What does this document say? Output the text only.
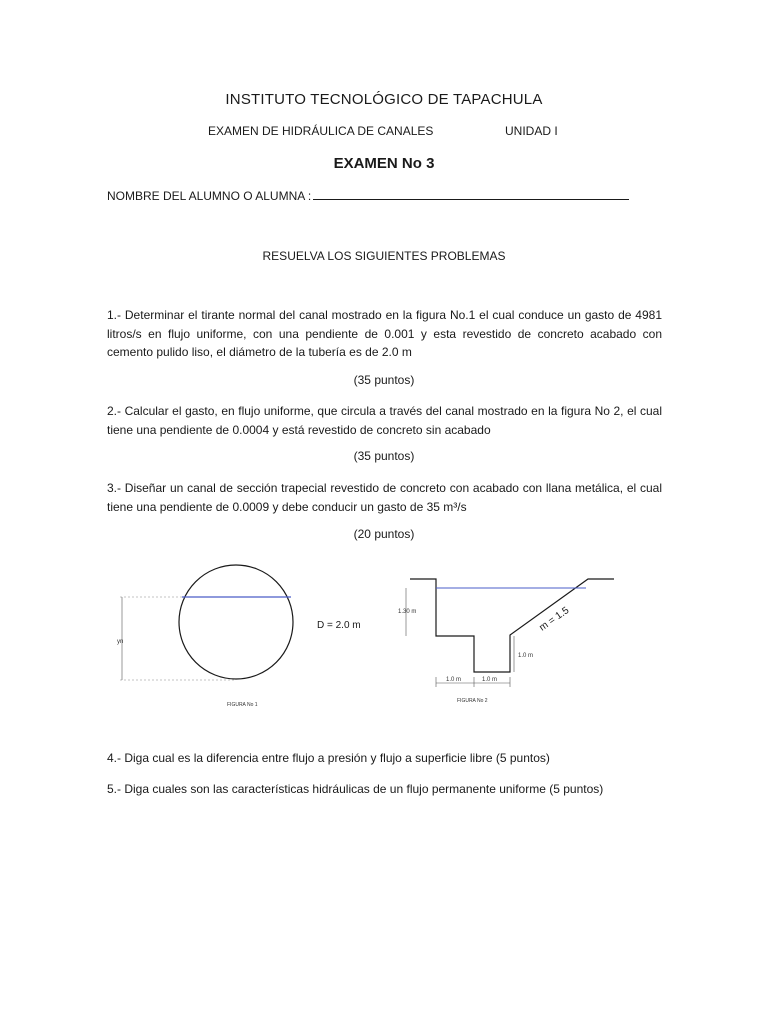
INSTITUTO TECNOLÓGICO DE TAPACHULA
EXAMEN DE HIDRÁULICA DE CANALES	UNIDAD I
EXAMEN No 3
NOMBRE DEL ALUMNO O ALUMNA :
RESUELVA LOS SIGUIENTES PROBLEMAS
1.- Determinar el tirante normal del canal mostrado en la figura No.1 el cual conduce un gasto de 4981 litros/s en flujo uniforme, con una pendiente de 0.001 y esta revestido de concreto acabado con cemento pulido liso, el diámetro de la tubería es de 2.0 m
(35 puntos)
2.- Calcular el gasto, en flujo uniforme, que circula a través del canal mostrado en la figura No 2, el cual tiene una pendiente de 0.0004 y está revestido de concreto sin acabado
(35 puntos)
3.- Diseñar un canal de sección trapecial revestido de concreto con acabado con llana metálica, el cual tiene una pendiente de 0.0009 y debe conducir un gasto de 35 m³/s
(20 puntos)
yn
D = 2.0 m
FIGURA No 1
1.30 m
1.0 m
1.0 m	1.0 m
m = 1.5
FIGURA No 2
4.- Diga cual es la diferencia entre flujo a presión y flujo a superficie libre (5 puntos)
5.- Diga cuales son las características hidráulicas de un flujo permanente uniforme (5 puntos)
